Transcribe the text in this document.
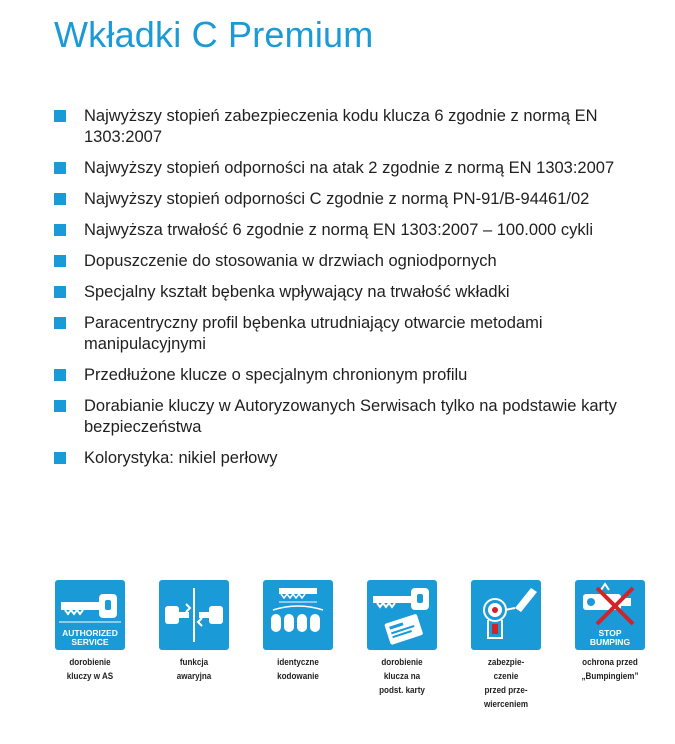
Wkładki C Premium
Najwyższy stopień zabezpieczenia kodu klucza 6 zgodnie z normą EN 1303:2007
Najwyższy stopień odporności na atak 2 zgodnie z normą EN 1303:2007
Najwyższy stopień odporności C zgodnie z normą PN-91/B-94461/02
Najwyższa trwałość 6 zgodnie z normą EN 1303:2007 – 100.000 cykli
Dopuszczenie do stosowania w drzwiach ogniodpornych
Specjalny kształt bębenka wpływający na trwałość wkładki
Paracentryczny profil bębenka utrudniający otwarcie metodami manipulacyjnymi
Przedłużone klucze o specjalnym chronionym profilu
Dorabianie kluczy w Autoryzowanych Serwisach tylko na podstawie karty bezpieczeństwa
Kolorystyka: nikiel perłowy
AUTHORIZED
SERVICE
dorobienie
kluczy w AS
funkcja
awaryjna
identyczne
kodowanie
dorobienie
klucza na
podst. karty
zabezpie-
czenie
przed prze-
wierceniem
STOP
BUMPING
ochrona przed
„Bumpingiem”
